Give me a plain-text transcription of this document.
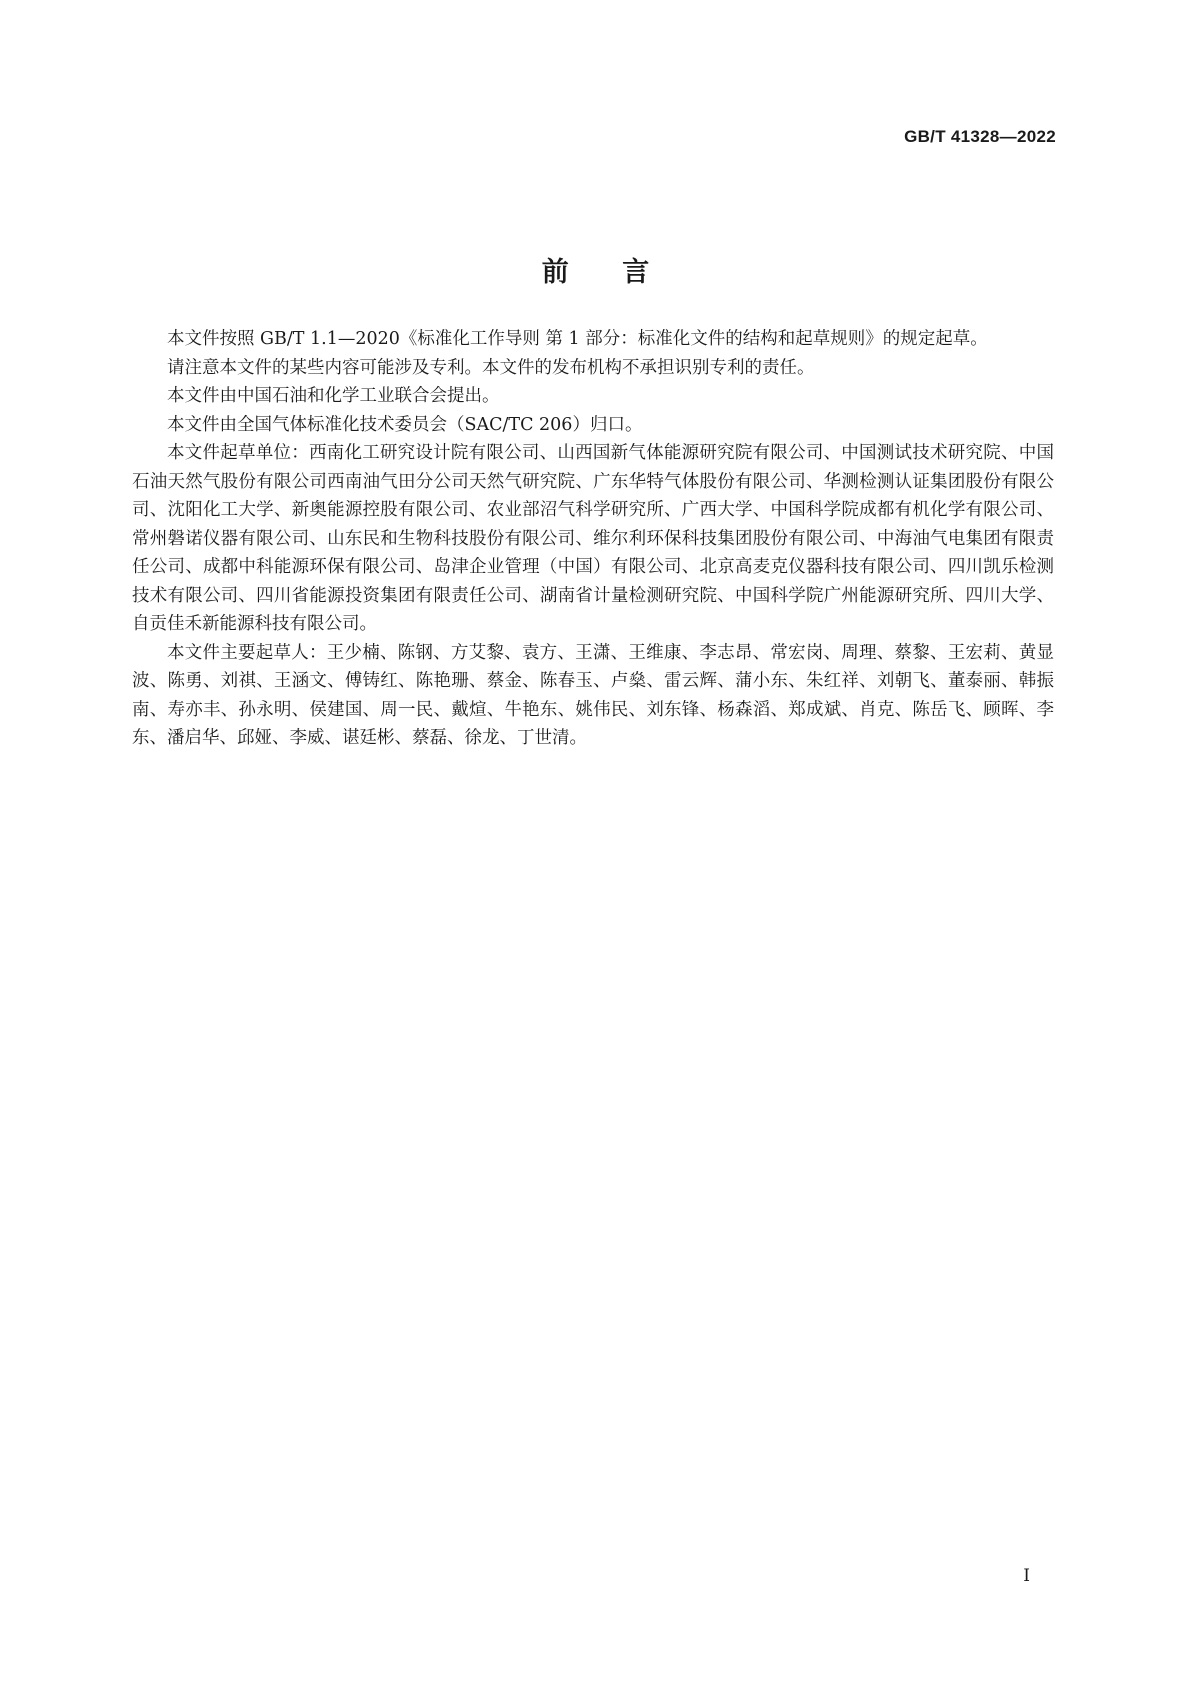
GB/T 41328—2022
前 言

本文件按照 GB/T 1.1—2020《标准化工作导则 第 1 部分：标准化文件的结构和起草规则》的规定起草。

请注意本文件的某些内容可能涉及专利。本文件的发布机构不承担识别专利的责任。

本文件由中国石油和化学工业联合会提出。

本文件由全国气体标准化技术委员会（SAC/TC 206）归口。

本文件起草单位：西南化工研究设计院有限公司、山西国新气体能源研究院有限公司、中国测试技术研究院、中国石油天然气股份有限公司西南油气田分公司天然气研究院、广东华特气体股份有限公司、华测检测认证集团股份有限公司、沈阳化工大学、新奥能源控股有限公司、农业部沼气科学研究所、广西大学、中国科学院成都有机化学有限公司、常州磐诺仪器有限公司、山东民和生物科技股份有限公司、维尔利环保科技集团股份有限公司、中海油气电集团有限责任公司、成都中科能源环保有限公司、岛津企业管理（中国）有限公司、北京高麦克仪器科技有限公司、四川凯乐检测技术有限公司、四川省能源投资集团有限责任公司、湖南省计量检测研究院、中国科学院广州能源研究所、四川大学、自贡佳禾新能源科技有限公司。

本文件主要起草人：王少楠、陈钢、方艾黎、袁方、王潇、王维康、李志昂、常宏岗、周理、蔡黎、王宏莉、黄显波、陈勇、刘祺、王涵文、傅铸红、陈艳珊、蔡金、陈春玉、卢燊、雷云辉、蒲小东、朱红祥、刘朝飞、董泰丽、韩振南、寿亦丰、孙永明、侯建国、周一民、戴煊、牛艳东、姚伟民、刘东锋、杨森滔、郑成斌、肖克、陈岳飞、顾晖、李东、潘启华、邱娅、李威、谌廷彬、蔡磊、徐龙、丁世清。

I
